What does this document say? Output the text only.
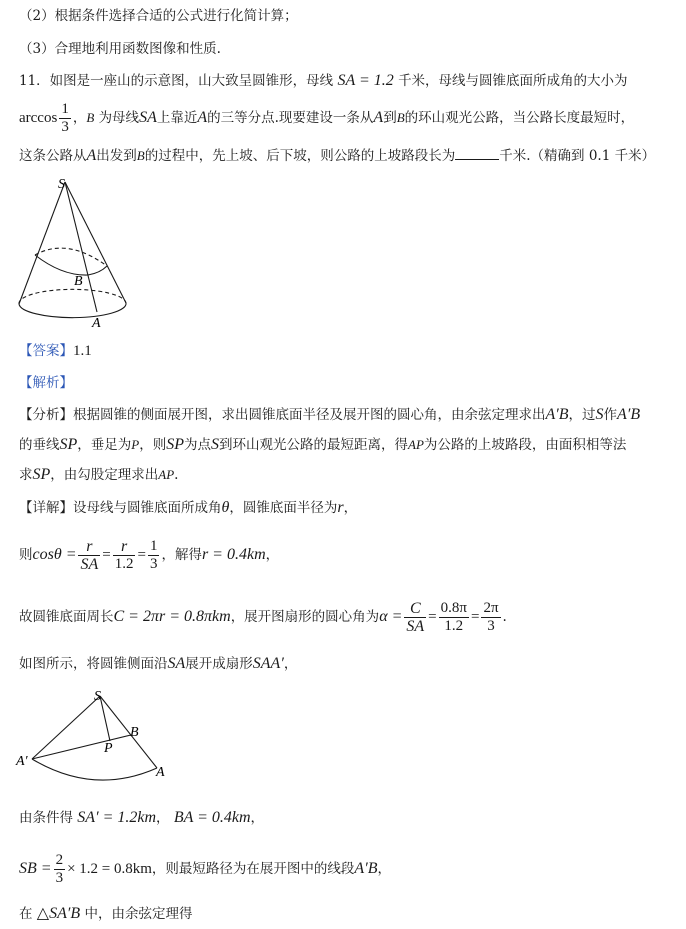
（2）根据条件选择合适的公式进行化简计算；
（3）合理地利用函数图像和性质.
11．如图是一座山的示意图，山大致呈圆锥形，母线 SA = 1.2 千米，母线与圆锥底面所成角的大小为
$\arccos \frac{1}{3}$ ，B 为母线SA上靠近A的三等分点.现要建设一条从A到B的环山观光公路，当公路长度最短时，
这条公路从A出发到B的过程中，先上坡、后下坡，则公路的上坡路段长为	千米.（精确到 0.1 千米）
S
B
A
【答案】1.1
【解析】
【分析】根据圆锥的侧面展开图，求出圆锥底面半径及展开图的圆心角，由余弦定理求出A′B，过S作A′B
的垂线SP，垂足为P，则SP为点S到环山观光公路的最短距离，得AP为公路的上坡路段，由面积相等法
求SP，由勾股定理求出AP.
【详解】设母线与圆锥底面所成角θ，圆锥底面半径为r，
则$\cos\theta = \frac{r}{SA} = \frac{r}{1.2} = \frac{1}{3}$ ，解得r = 0.4km，
故圆锥底面周长C = 2πr = 0.8πkm，展开图扇形的圆心角为$\alpha = \frac{C}{SA} = \frac{0.8\pi}{1.2} = \frac{2\pi}{3}$ .
如图所示，将圆锥侧面沿SA展开成扇形SAA′，
S
B
P
A
A′
由条件得 SA′ = 1.2km， BA = 0.4km，
SB = $\frac{2}{3} \times 1.2 = 0.8km$，则最短路径为在展开图中的线段A′B，
在 △SA′B 中，由余弦定理得
